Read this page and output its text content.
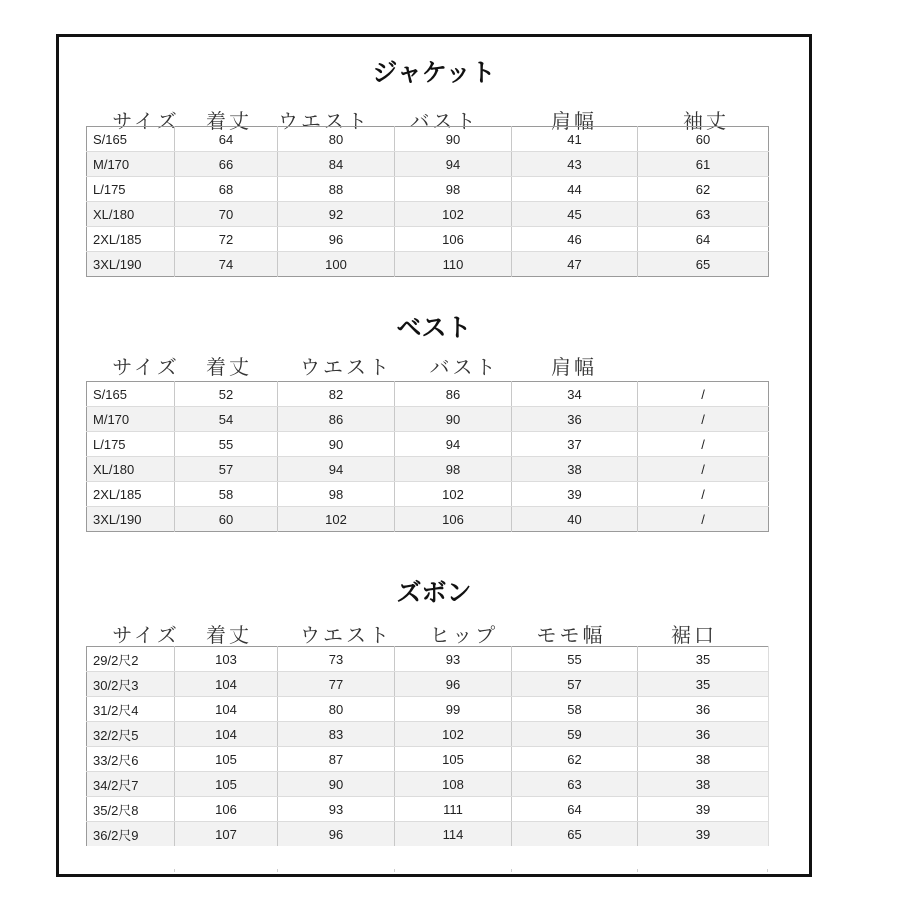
ジャケット
サイズ	着丈	ウエスト	バスト	肩幅	袖丈
S/165	64	80	90	41	60
M/170	66	84	94	43	61
L/175	68	88	98	44	62
XL/180	70	92	102	45	63
2XL/185	72	96	106	46	64
3XL/190	74	100	110	47	65
ベスト
サイズ	着丈	ウエスト	バスト	肩幅
S/165	52	82	86	34	/
M/170	54	86	90	36	/
L/175	55	90	94	37	/
XL/180	57	94	98	38	/
2XL/185	58	98	102	39	/
3XL/190	60	102	106	40	/
ズボン
サイズ	着丈	ウエスト	ヒップ	モモ幅	裾口
29/2尺2	103	73	93	55	35
30/2尺3	104	77	96	57	35
31/2尺4	104	80	99	58	36
32/2尺5	104	83	102	59	36
33/2尺6	105	87	105	62	38
34/2尺7	105	90	108	63	38
35/2尺8	106	93	111	64	39
36/2尺9	107	96	114	65	39
